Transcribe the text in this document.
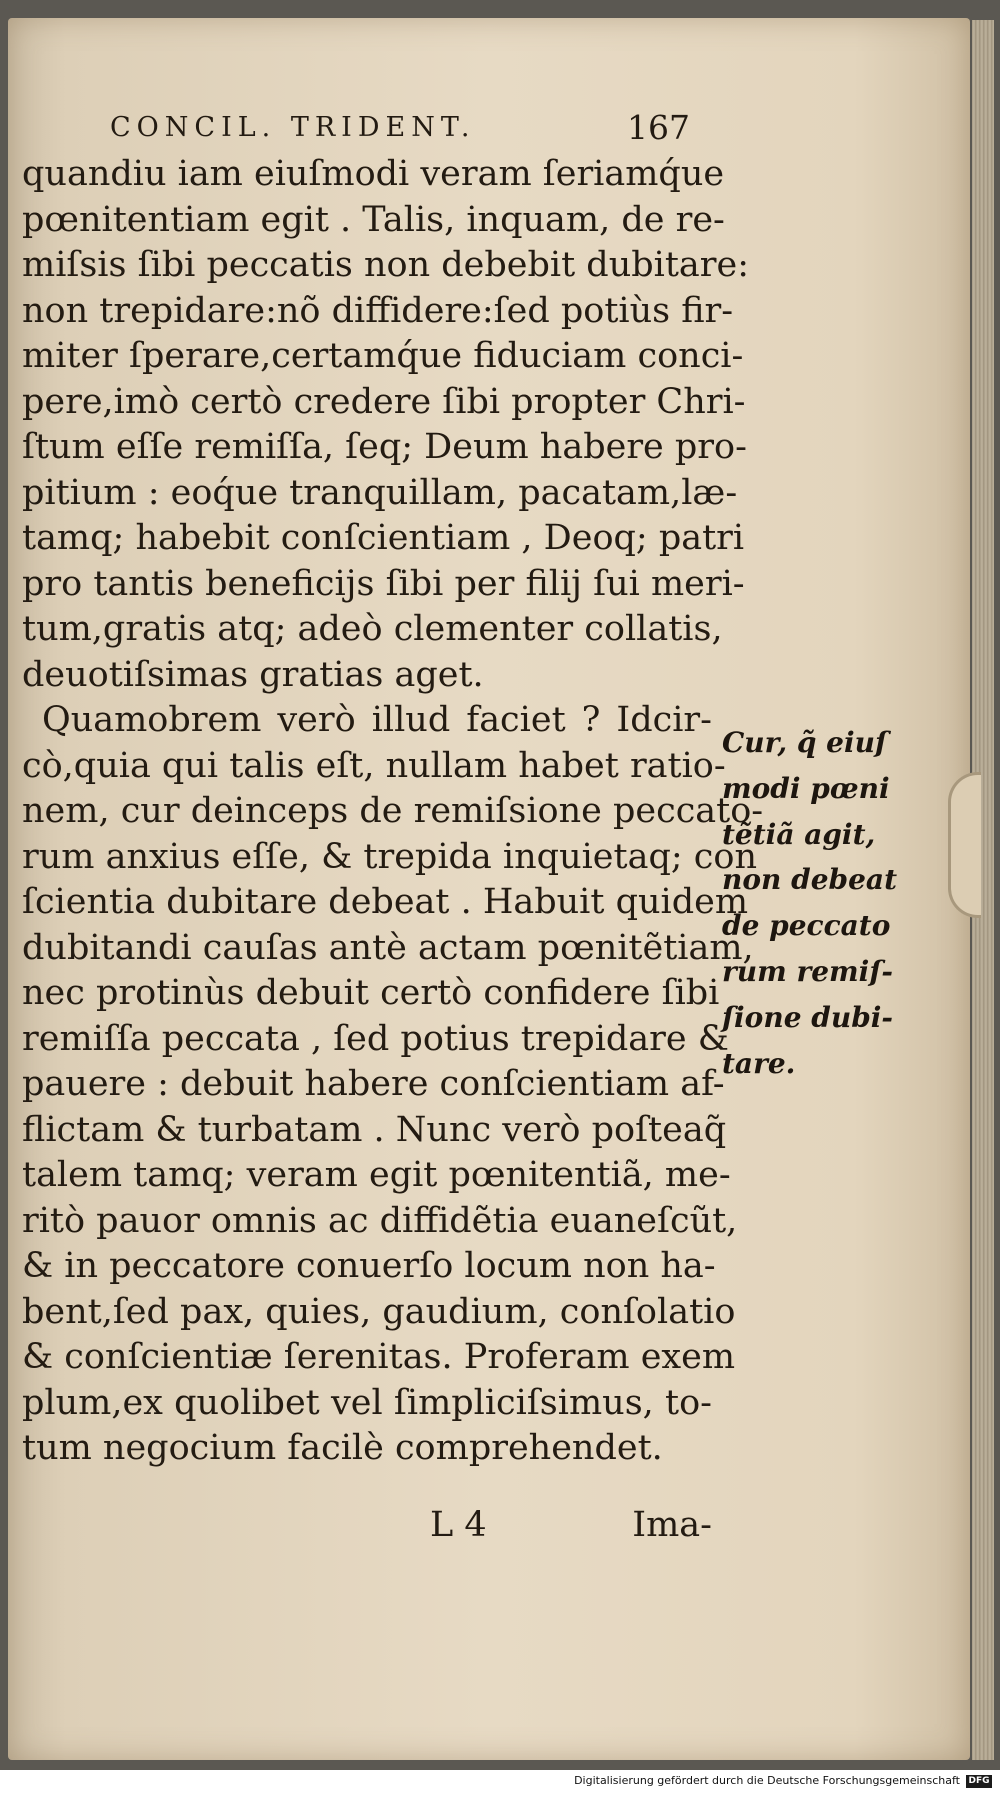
CONCIL. TRIDENT.	167
quandiu iam eiuſmodi veram ſeriamq́ue
pœnitentiam egit . Talis, inquam, de re-
miſsis ſibi peccatis non debebit dubitare:
non trepidare:nõ diffidere:ſed potiùs fir-
miter ſperare,certamq́ue fiduciam conci-
pere,imò certò credere ſibi propter Chri-
ſtum eſſe remiſſa, ſeq; Deum habere pro-
pitium : eoq́ue tranquillam, pacatam,læ-
tamq; habebit conſcientiam , Deoq; patri
pro tantis beneficijs ſibi per filij ſui meri-
tum,gratis atq; adeò clementer collatis,
deuotiſsimas gratias aget.
Quamobrem verò illud faciet ? Idcir-
cò,quia qui talis eſt, nullam habet ratio-
nem, cur deinceps de remiſsione peccato-
rum anxius eſſe, & trepida inquietaq; con
ſcientia dubitare debeat . Habuit quidem
dubitandi cauſas antè actam pœnitẽtiam,
nec protinùs debuit certò confidere ſibi
remiſſa peccata , ſed potius trepidare &
pauere : debuit habere conſcientiam af-
flictam & turbatam . Nunc verò poſteaq̃
talem tamq; veram egit pœnitentiã, me-
ritò pauor omnis ac diffidẽtia euaneſcũt,
& in peccatore conuerſo locum non ha-
bent,ſed pax, quies, gaudium, conſolatio
& conſcientiæ ſerenitas. Proferam exem
plum,ex quolibet vel ſimpliciſsimus, to-
tum negocium facilè comprehendet.
Cur, q̃ eiuſ
modi pœni
tẽtiã agit,
non debeat
de peccato
rum remiſ-
ſione dubi-
tare.
L 4	Ima-
Digitalisierung gefördert durch die Deutsche Forschungsgemeinschaft DFG
